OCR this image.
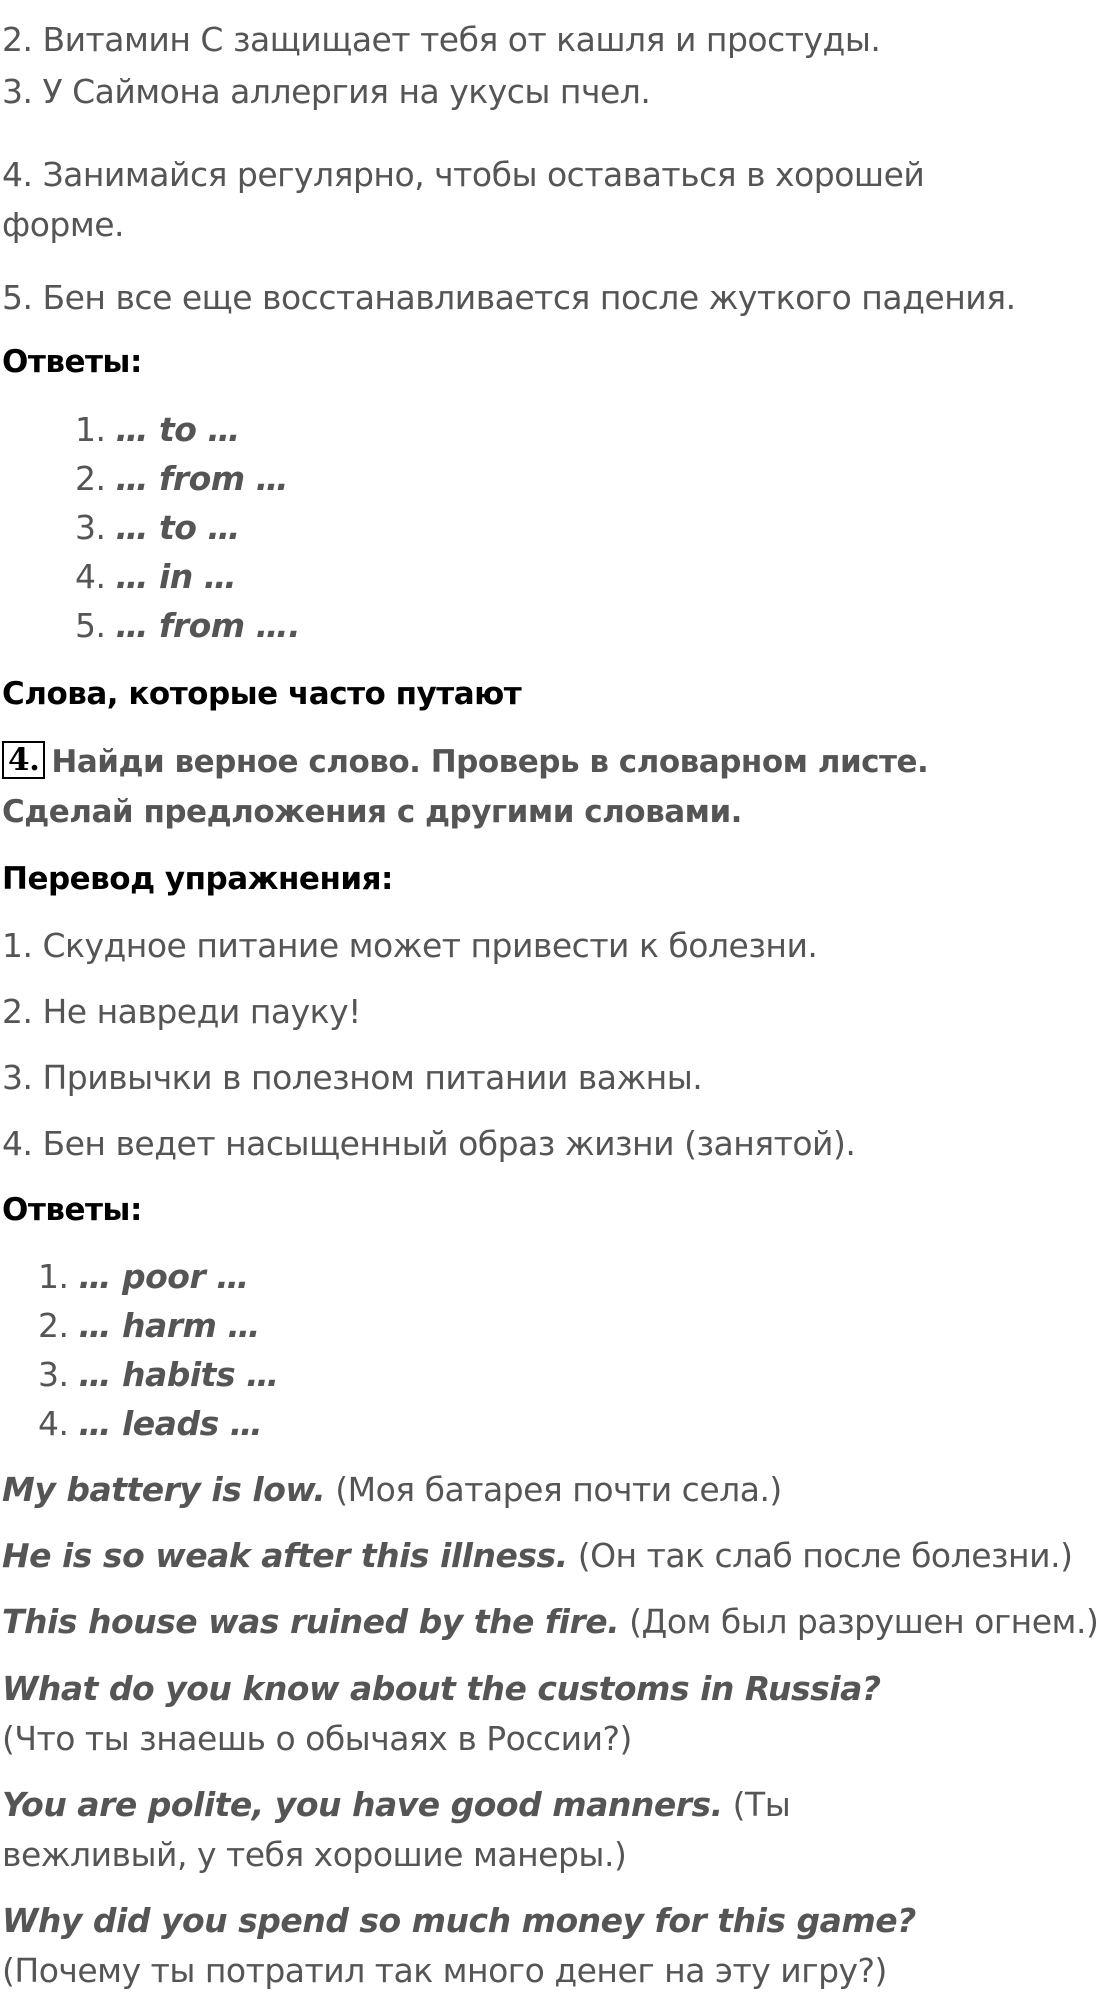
2. Витамин С защищает тебя от кашля и простуды.

3. У Саймона аллергия на укусы пчел.

4. Занимайся регулярно, чтобы оставаться в хорошей форме.

5. Бен все еще восстанавливается после жуткого падения.

Ответы:

1. … to …

2. … from …

3. … to …

4. … in …

5. … from ….

Слова, которые часто путают

4. Найди верное слово. Проверь в словарном листе. Сделай предложения с другими словами.

Перевод упражнения:

1. Скудное питание может привести к болезни.

2. Не навреди пауку!

3. Привычки в полезном питании важны.

4. Бен ведет насыщенный образ жизни (занятой).

Ответы:

1. … poor …

2. … harm …

3. … habits …

4. … leads …

My battery is low. (Моя батарея почти села.)

He is so weak after this illness. (Он так слаб после болезни.)

This house was ruined by the fire. (Дом был разрушен огнем.)

What do you know about the customs in Russia? (Что ты знаешь о обычаях в России?)

You are polite, you have good manners. (Ты вежливый, у тебя хорошие манеры.)

Why did you spend so much money for this game? (Почему ты потратил так много денег на эту игру?)
